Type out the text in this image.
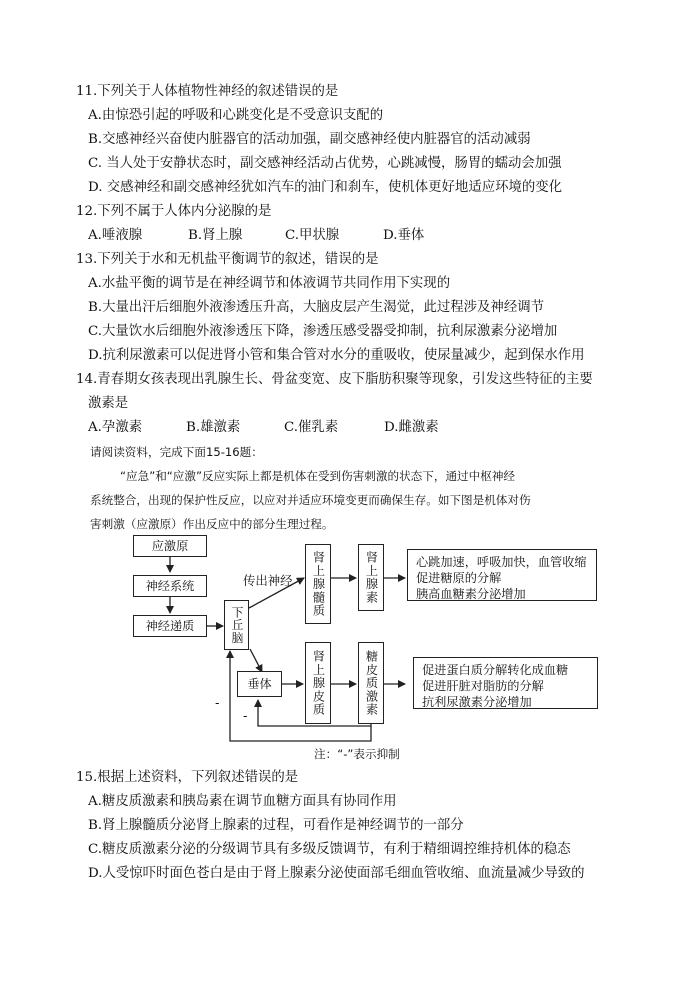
11.下列关于人体植物性神经的叙述错误的是
A.由惊恐引起的呼吸和心跳变化是不受意识支配的
B.交感神经兴奋使内脏器官的活动加强，副交感神经使内脏器官的活动减弱
C. 当人处于安静状态时，副交感神经活动占优势，心跳减慢，肠胃的蠕动会加强
D. 交感神经和副交感神经犹如汽车的油门和刹车，使机体更好地适应环境的变化
12.下列不属于人体内分泌腺的是
A.唾液腺	B.肾上腺	C.甲状腺	D.垂体
13.下列关于水和无机盐平衡调节的叙述，错误的是
A.水盐平衡的调节是在神经调节和体液调节共同作用下实现的
B.大量出汗后细胞外液渗透压升高，大脑皮层产生渴觉，此过程涉及神经调节
C.大量饮水后细胞外液渗透压下降，渗透压感受器受抑制，抗利尿激素分泌增加
D.抗利尿激素可以促进肾小管和集合管对水分的重吸收，使尿量减少，起到保水作用
14.青春期女孩表现出乳腺生长、骨盆变宽、皮下脂肪积聚等现象，引发这些特征的主要
激素是
A.孕激素	B.雄激素	C.催乳素	D.雌激素
请阅读资料，完成下面15-16题：
“应急”和“应激”反应实际上都是机体在受到伤害刺激的状态下，通过中枢神经
系统整合，出现的保护性反应，以应对并适应环境变更而确保生存。如下图是机体对伤
害刺激（应激原）作出反应中的部分生理过程。
应激原
神经系统
神经递质	下丘脑
传出神经	肾上腺髓质	肾上腺素	心跳加速，呼吸加快，血管收缩
促进糖原的分解
胰高血糖素分泌增加
垂体	肾上腺皮质	糖皮质激素	促进蛋白质分解转化成血糖
促进肝脏对脂肪的分解
抗利尿激素分泌增加
-
-
注：“-”表示抑制
15.根据上述资料，下列叙述错误的是
A.糖皮质激素和胰岛素在调节血糖方面具有协同作用
B.肾上腺髓质分泌肾上腺素的过程，可看作是神经调节的一部分
C.糖皮质激素分泌的分级调节具有多级反馈调节，有利于精细调控维持机体的稳态
D.人受惊吓时面色苍白是由于肾上腺素分泌使面部毛细血管收缩、血流量减少导致的
